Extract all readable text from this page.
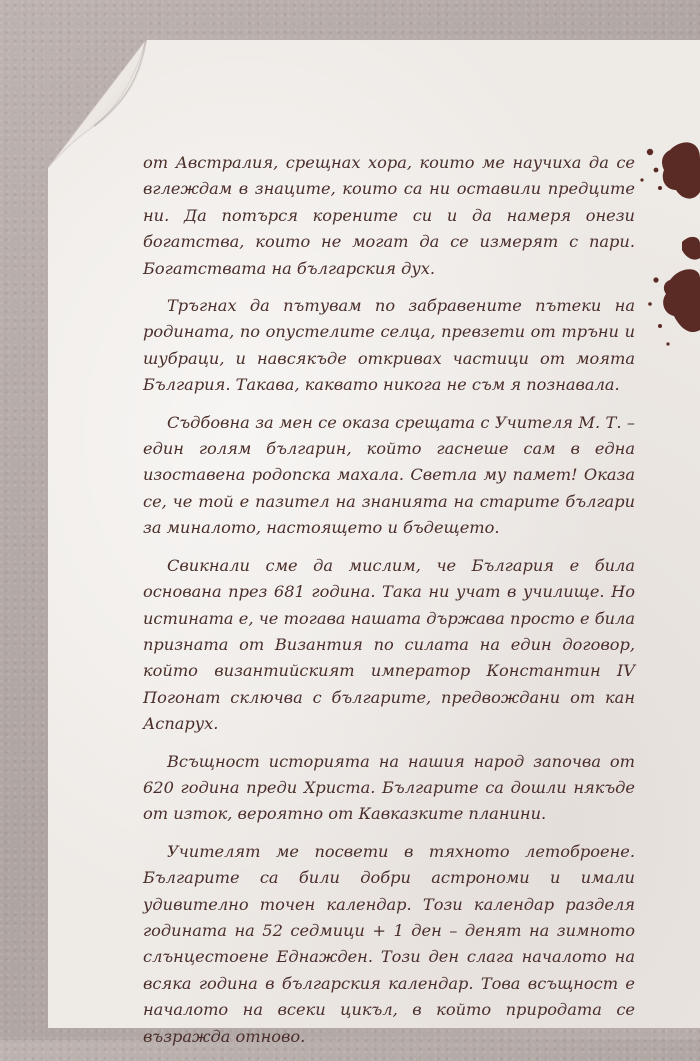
от Австралия, срещнах хора, които ме научиха да се вглеждам в знаците, които са ни оставили предците ни. Да потърся корените си и да намеря онези богатства, които не могат да се измерят с пари. Богатствата на българския дух.

Тръгнах да пътувам по забравените пътеки на родината, по опустелите селца, превзети от тръни и шубраци, и навсякъде откривах частици от моята България. Такава, каквато никога не съм я познавала.

Съдбовна за мен се оказа срещата с Учителя М. Т. – един голям българин, който гаснеше сам в една изоставена родопска махала. Светла му памет! Оказа се, че той е пазител на знанията на старите българи за миналото, настоящето и бъдещето.

Свикнали сме да мислим, че България е била основана през 681 година. Така ни учат в училище. Но истината е, че тогава нашата държава просто е била призната от Византия по силата на един договор, който византийският император Константин IV Погонат сключва с българите, предвождани от кан Аспарух.

Всъщност историята на нашия народ започва от 620 година преди Христа. Българите са дошли някъде от изток, вероятно от Кавказките планини.

Учителят ме посвети в тяхното летоброене. Българите са били добри астрономи и имали удивително точен календар. Този календар разделя годината на 52 седмици + 1 ден – денят на зимното слънцестоене Еднажден. Този ден слага началото на всяка година в българския календар. Това всъщност е началото на всеки цикъл, в който природата се възражда отново.
